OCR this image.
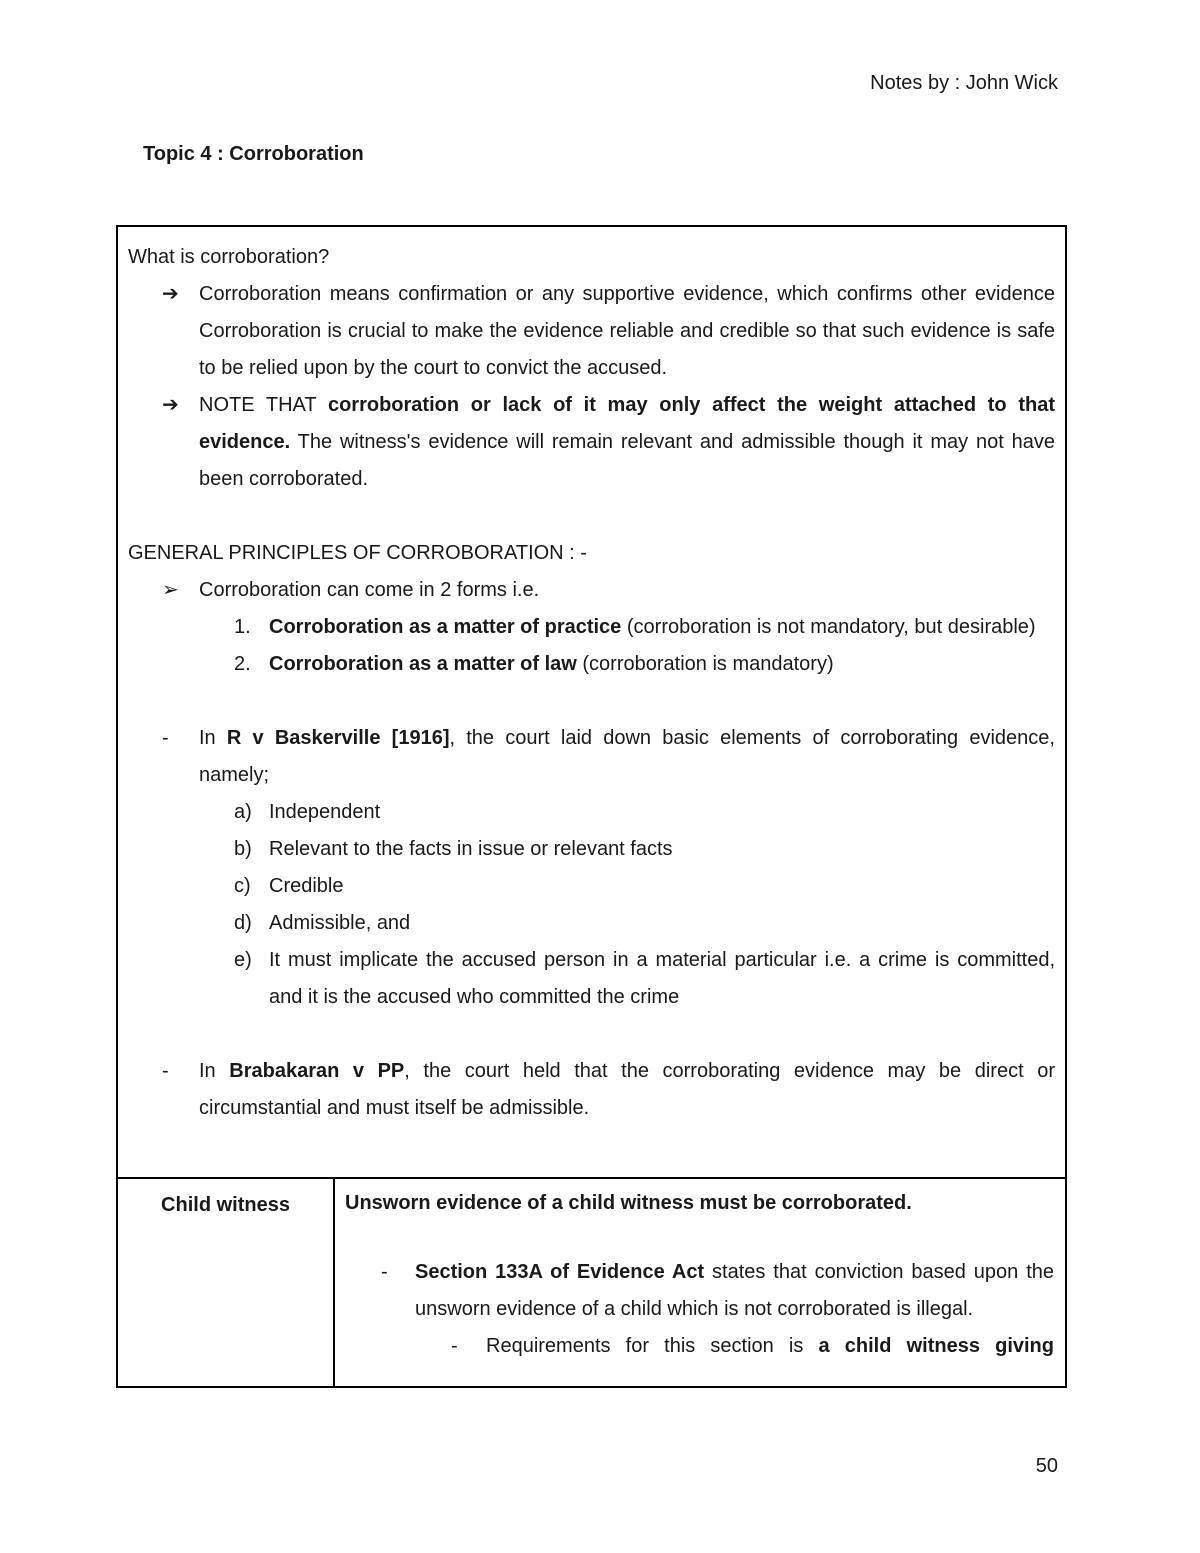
Notes by : John Wick
Topic 4 : Corroboration

What is corroboration?

➔ Corroboration means confirmation or any supportive evidence, which confirms other evidence Corroboration is crucial to make the evidence reliable and credible so that such evidence is safe to be relied upon by the court to convict the accused.
➔ NOTE THAT corroboration or lack of it may only affect the weight attached to that evidence. The witness's evidence will remain relevant and admissible though it may not have been corroborated.

GENERAL PRINCIPLES OF CORROBORATION : -

➢ Corroboration can come in 2 forms i.e.
1. Corroboration as a matter of practice (corroboration is not mandatory, but desirable)
2. Corroboration as a matter of law (corroboration is mandatory)
- In R v Baskerville [1916], the court laid down basic elements of corroborating evidence, namely;
a) Independent
b) Relevant to the facts in issue or relevant facts
c) Credible
d) Admissible, and
e) It must implicate the accused person in a material particular i.e. a crime is committed, and it is the accused who committed the crime
- In Brabakaran v PP, the court held that the corroborating evidence may be direct or circumstantial and must itself be admissible.
Child witness	Unsworn evidence of a child witness must be corroborated.

- Section 133A of Evidence Act states that conviction based upon the unsworn evidence of a child which is not corroborated is illegal.
- Requirements for this section is a child witness giving
50
